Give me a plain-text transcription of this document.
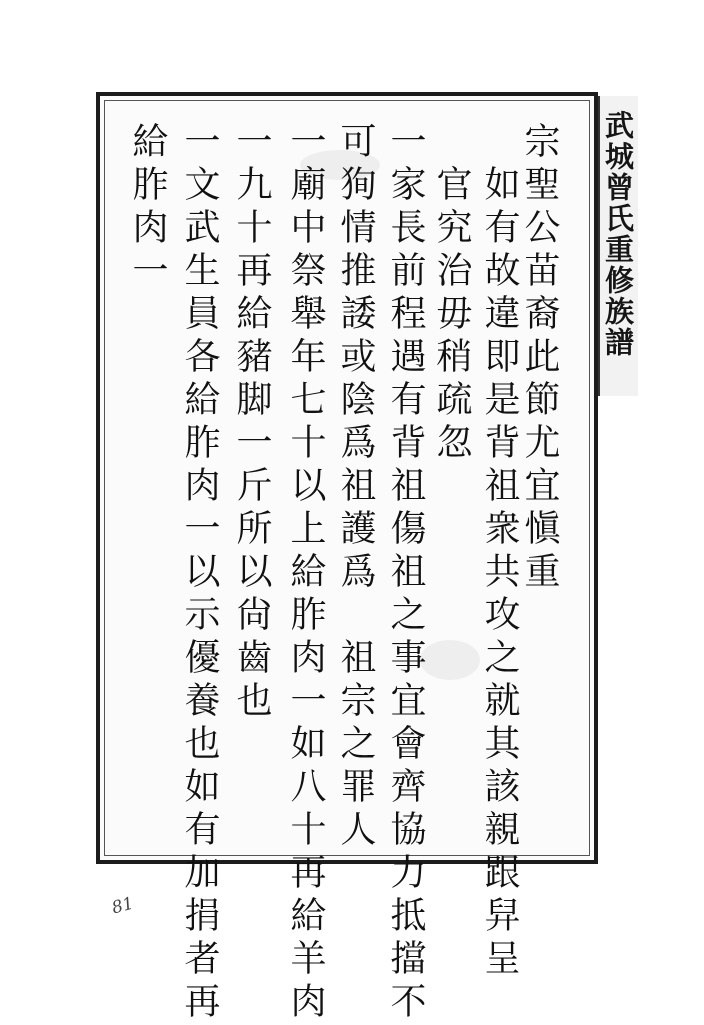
武城曾氏重修族譜
宗聖公苗裔此節尤宜愼重
　如有故違即是背祖衆共攻之就其該親跟舁呈
　官究治毋稍疏忽
一家長前程遇有背祖傷祖之事宜會齊協力抵擋不
可狥情推諉或陰爲祖護爲　祖宗之罪人
一廟中祭舉年七十以上給胙肉一如八十再給羊肉
一九十再給豬脚一斤所以尙齒也
一文武生員各給胙肉一以示優養也如有加捐者再
給胙肉一
81
